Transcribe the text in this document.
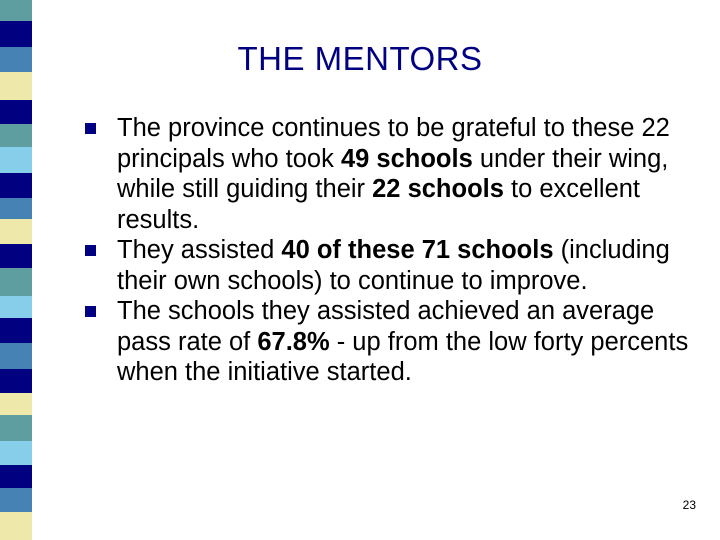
THE MENTORS
The province continues to be grateful to these 22 principals who took 49 schools under their wing, while still guiding their 22 schools to excellent results.
They assisted 40 of these 71 schools (including their own schools) to continue to improve.
The schools they assisted achieved an average pass rate of 67.8% - up from the low forty percents when the initiative started.
23
